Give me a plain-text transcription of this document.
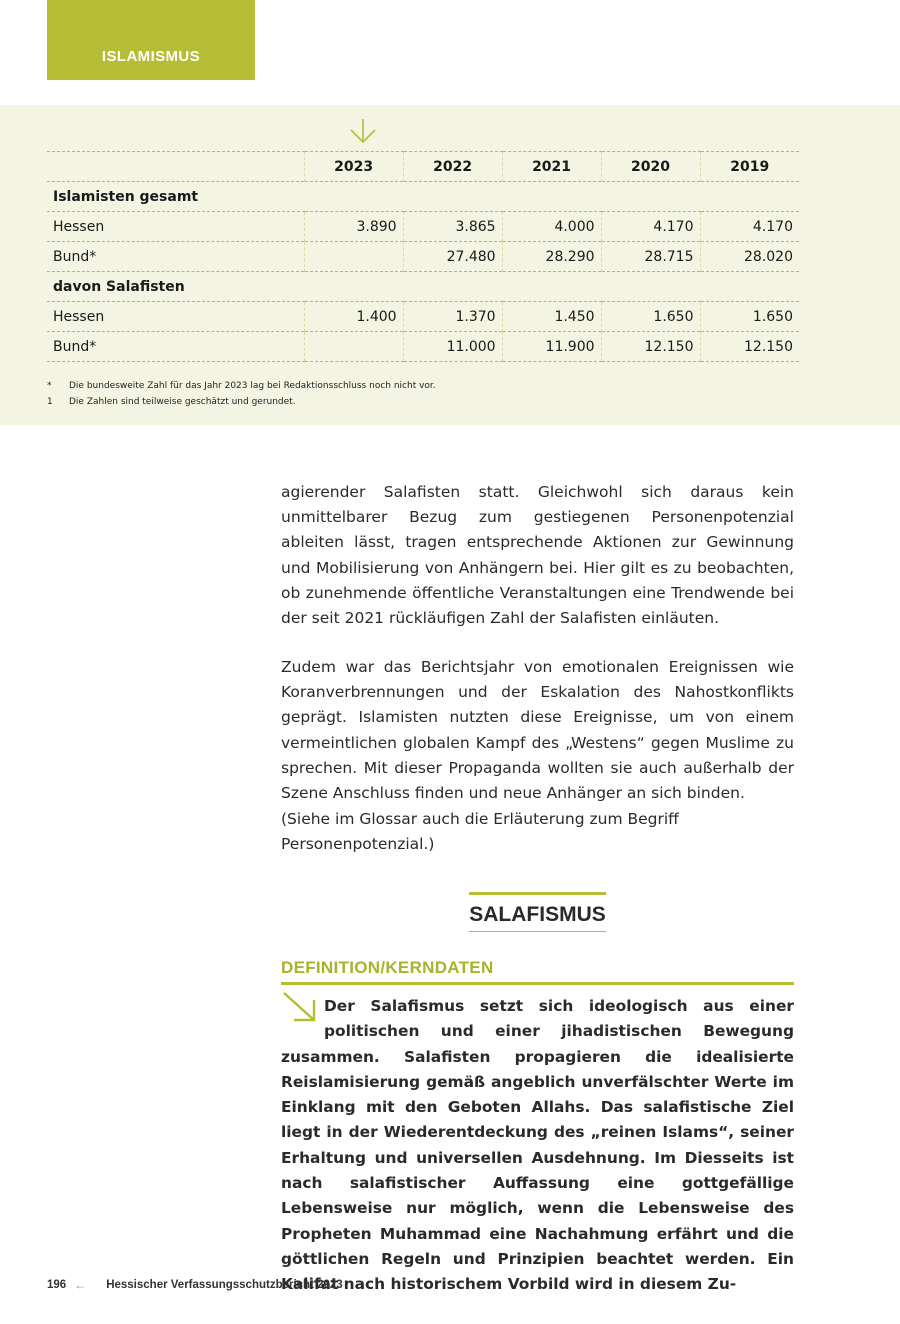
ISLAMISMUS
	2023	2022	2021	2020	2019
Islamisten gesamt					
Hessen	3.890	3.865	4.000	4.170	4.170
Bund*		27.480	28.290	28.715	28.020
davon Salafisten					
Hessen	1.400	1.370	1.450	1.650	1.650
Bund*		11.000	11.900	12.150	12.150
*	Die bundesweite Zahl für das Jahr 2023 lag bei Redaktionsschluss noch nicht vor.
1	Die Zahlen sind teilweise geschätzt und gerundet.

agierender Salafisten statt. Gleichwohl sich daraus kein unmittelbarer Bezug zum gestiegenen Personenpotenzial ableiten lässt, tragen entsprechende Aktionen zur Gewinnung und Mobilisierung von Anhängern bei. Hier gilt es zu beobachten, ob zunehmende öffentliche Veranstaltungen eine Trendwende bei der seit 2021 rückläufigen Zahl der Salafisten einläuten.

Zudem war das Berichtsjahr von emotionalen Ereignissen wie Koranverbrennungen und der Eskalation des Nahostkonflikts geprägt. Islamisten nutzten diese Ereignisse, um von einem vermeintlichen globalen Kampf des „Westens“ gegen Muslime zu sprechen. Mit dieser Propaganda wollten sie auch außerhalb der Szene Anschluss finden und neue Anhänger an sich binden.

(Siehe im Glossar auch die Erläuterung zum Begriff Personenpotenzial.)

SALAFISMUS
DEFINITION/KERNDATEN

Der Salafismus setzt sich ideologisch aus einer politischen und einer jihadistischen Bewegung zusammen. Salafisten propagieren die idealisierte Reislamisierung gemäß angeblich unverfälschter Werte im Einklang mit den Geboten Allahs. Das salafistische Ziel liegt in der Wiederentdeckung des „reinen Islams“, seiner Erhaltung und universellen Ausdehnung. Im Diesseits ist nach salafistischer Auffassung eine gottgefällige Lebensweise nur möglich, wenn die Lebensweise des Propheten Muhammad eine Nachahmung erfährt und die göttlichen Regeln und Prinzipien beachtet werden. Ein Kalifat nach historischem Vorbild wird in diesem Zu-

196 ← Hessischer Verfassungsschutzbericht 2023
